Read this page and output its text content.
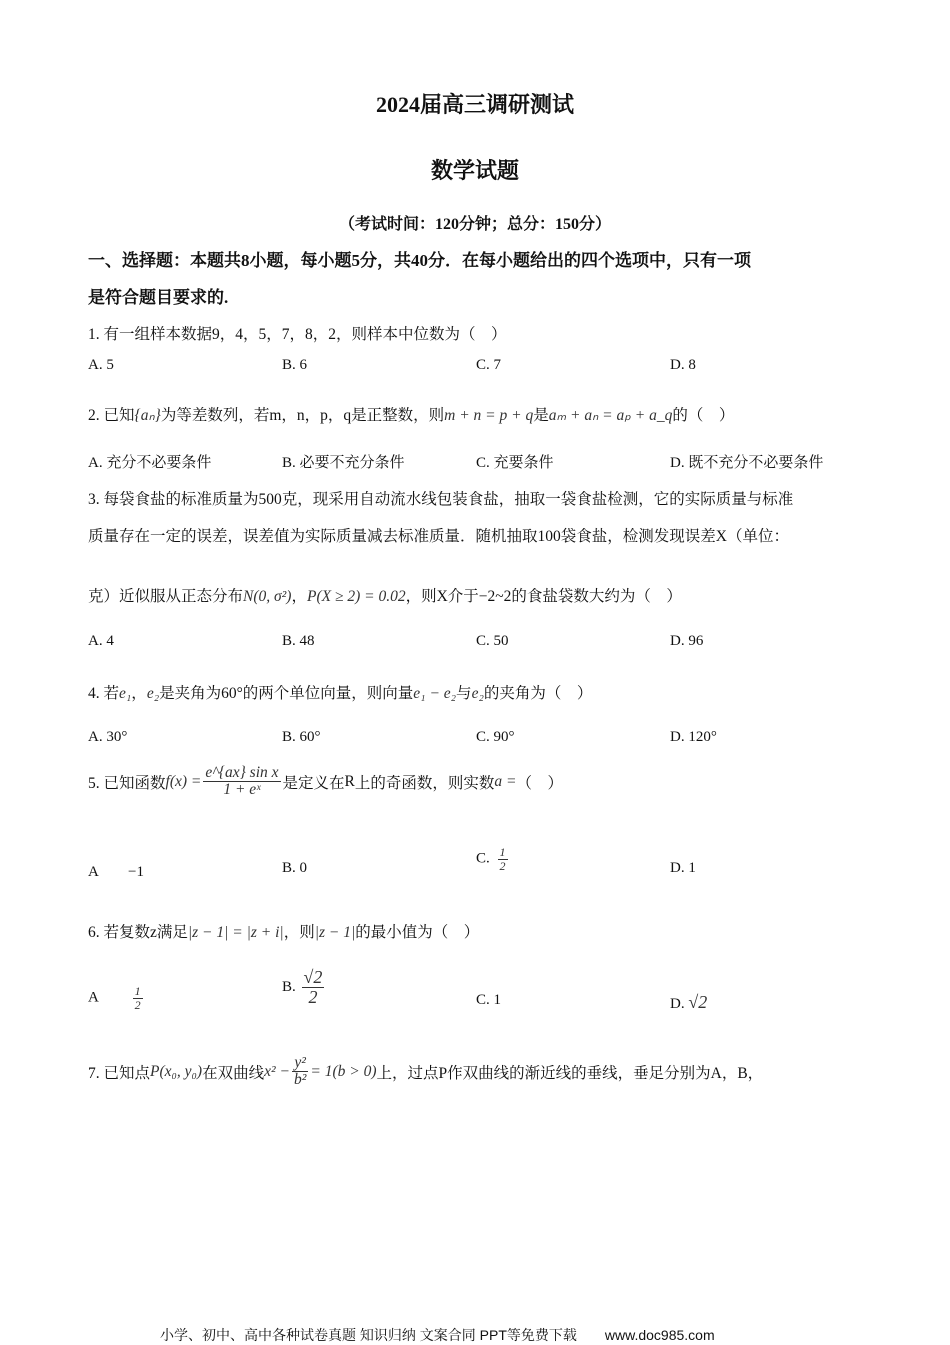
2024届高三调研测试
数学试题
（考试时间：120分钟；总分：150分）
一、选择题：本题共8小题，每小题5分，共40分．在每小题给出的四个选项中，只有一项
是符合题目要求的.
1. 有一组样本数据9，4，5，7，8，2，则样本中位数为（　）
A. 5	B. 6	C. 7	D. 8
2. 已知{aₙ}为等差数列，若m，n，p，q是正整数，则m + n = p + q是aₘ + aₙ = aₚ + a_q的（　）
A. 充分不必要条件	B. 必要不充分条件	C. 充要条件	D. 既不充分不必要条件
3. 每袋食盐的标准质量为500克，现采用自动流水线包装食盐，抽取一袋食盐检测，它的实际质量与标准
质量存在一定的误差，误差值为实际质量减去标准质量．随机抽取100袋食盐，检测发现误差X（单位：
克）近似服从正态分布N(0, σ²)，P(X ≥ 2) = 0.02，则X介于−2~2的食盐袋数大约为（　）
A. 4	B. 48	C. 50	D. 96
4. 若e₁，e₂是夹角为60°的两个单位向量，则向量e₁ − e₂与e₂的夹角为（　）
A. 30°	B. 60°	C. 90°	D. 120°
5. 已知函数$f(x) = \frac{\text{e\textasciicircum{}\{ax\} sin x}}{\text{1 + eˣ}}$ 是定义在R上的奇函数，则实数a =（　）
A　　−1	B. 0
C. $\frac{1}{2}$	D. 1
6. 若复数z满足|z − 1| = |z + i|，则|z − 1|的最小值为（　）
A	$\frac{1}{2}$	B. $\frac{√2}{2}$	C. 1	D. √2
7. 已知点P(x₀, y₀)在双曲线$x^2 - \frac{\text{y²}}{\text{b²}} = 1(b > 0)$上，过点P作双曲线的渐近线的垂线，垂足分别为A，B，
小学、初中、高中各种试卷真题 知识归纳 文案合同 PPT等免费下载　　www.doc985.com
